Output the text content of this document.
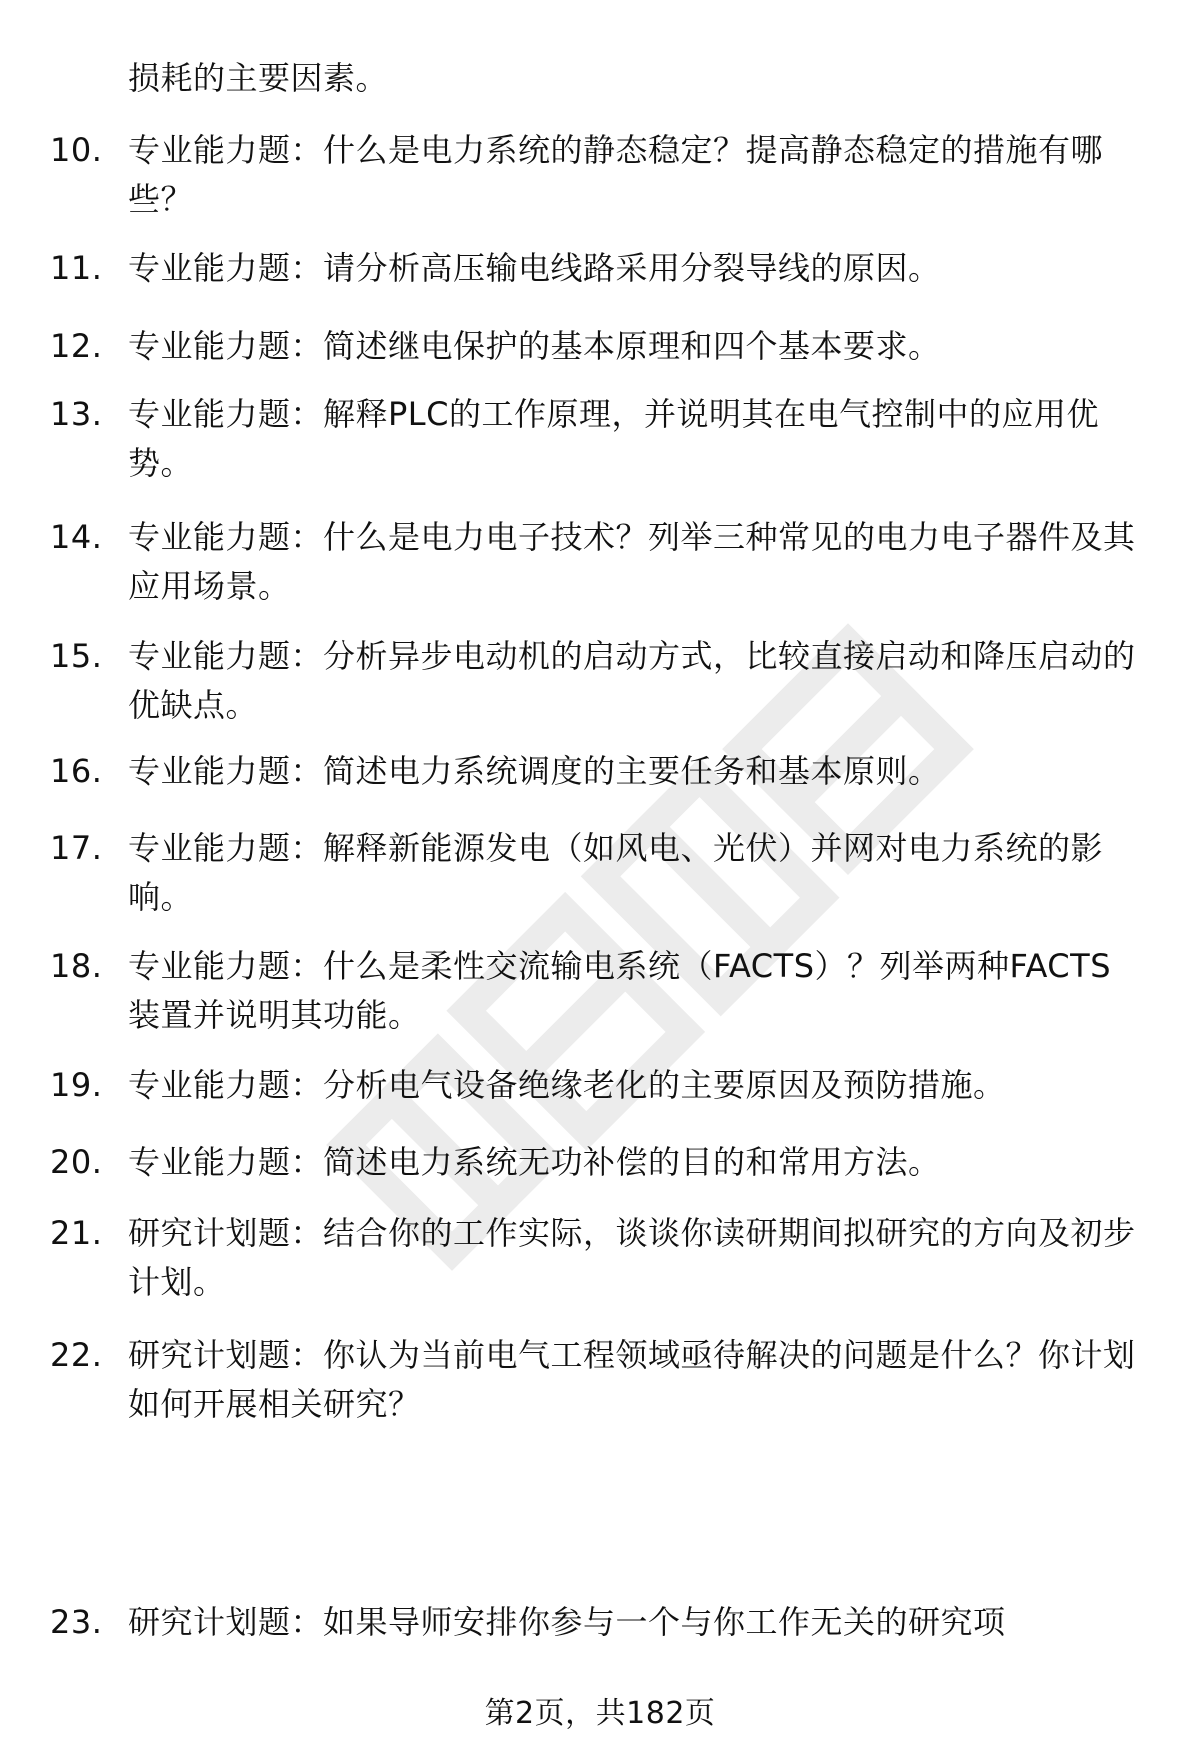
损耗的主要因素。
10. 专业能力题：什么是电力系统的静态稳定？提高静态稳定的措施有哪些？
11. 专业能力题：请分析高压输电线路采用分裂导线的原因。
12. 专业能力题：简述继电保护的基本原理和四个基本要求。
13. 专业能力题：解释PLC的工作原理，并说明其在电气控制中的应用优势。
14. 专业能力题：什么是电力电子技术？列举三种常见的电力电子器件及其应用场景。
15. 专业能力题：分析异步电动机的启动方式，比较直接启动和降压启动的优缺点。
16. 专业能力题：简述电力系统调度的主要任务和基本原则。
17. 专业能力题：解释新能源发电（如风电、光伏）并网对电力系统的影响。
18. 专业能力题：什么是柔性交流输电系统（FACTS）？列举两种FACTS装置并说明其功能。
19. 专业能力题：分析电气设备绝缘老化的主要原因及预防措施。
20. 专业能力题：简述电力系统无功补偿的目的和常用方法。
21. 研究计划题：结合你的工作实际，谈谈你读研期间拟研究的方向及初步计划。
22. 研究计划题：你认为当前电气工程领域亟待解决的问题是什么？你计划如何开展相关研究？
23. 研究计划题：如果导师安排你参与一个与你工作无关的研究项
第2页，共182页
